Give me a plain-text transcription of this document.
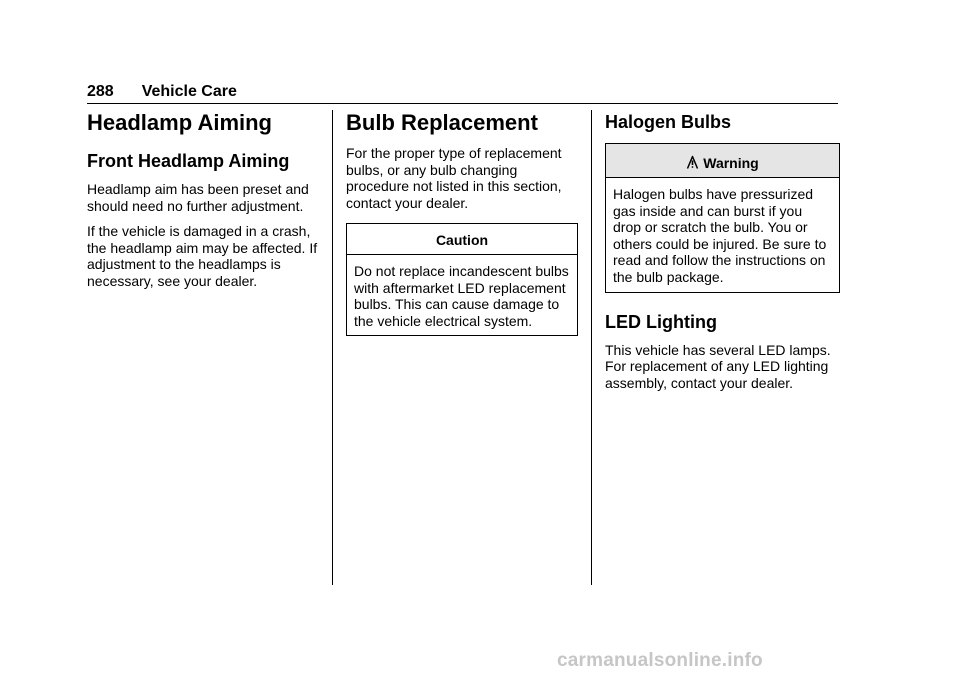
288 Vehicle Care
Headlamp Aiming
Front Headlamp Aiming

Headlamp aim has been preset and should need no further adjustment.

If the vehicle is damaged in a crash, the headlamp aim may be affected. If adjustment to the headlamps is necessary, see your dealer.

Bulb Replacement

For the proper type of replacement bulbs, or any bulb changing procedure not listed in this section, contact your dealer.

Caution

Do not replace incandescent bulbs with aftermarket LED replacement bulbs. This can cause damage to the vehicle electrical system.

Halogen Bulbs
Warning

Halogen bulbs have pressurized gas inside and can burst if you drop or scratch the bulb. You or others could be injured. Be sure to read and follow the instructions on the bulb package.

LED Lighting

This vehicle has several LED lamps. For replacement of any LED lighting assembly, contact your dealer.

carmanualsonline.info
